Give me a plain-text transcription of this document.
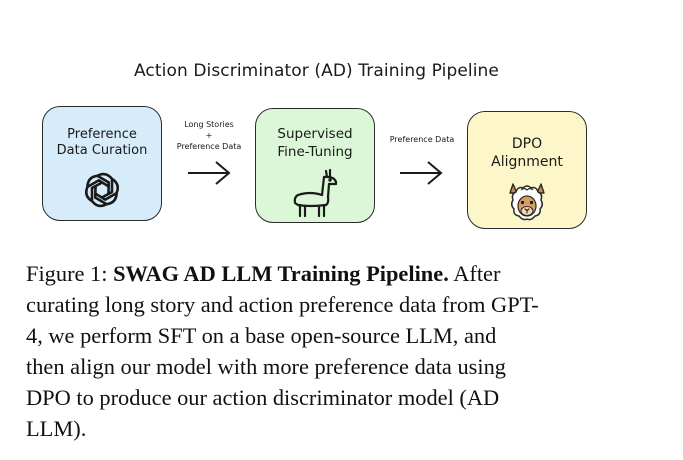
Action Discriminator (AD) Training Pipeline
Preference
Data Curation
Long Stories
+
Preference Data
Supervised
Fine-Tuning
Preference Data	DPO
Alignment
Figure 1: SWAG AD LLM Training Pipeline. After
curating long story and action preference data from GPT-
4, we perform SFT on a base open-source LLM, and
then align our model with more preference data using
DPO to produce our action discriminator model (AD
LLM).
